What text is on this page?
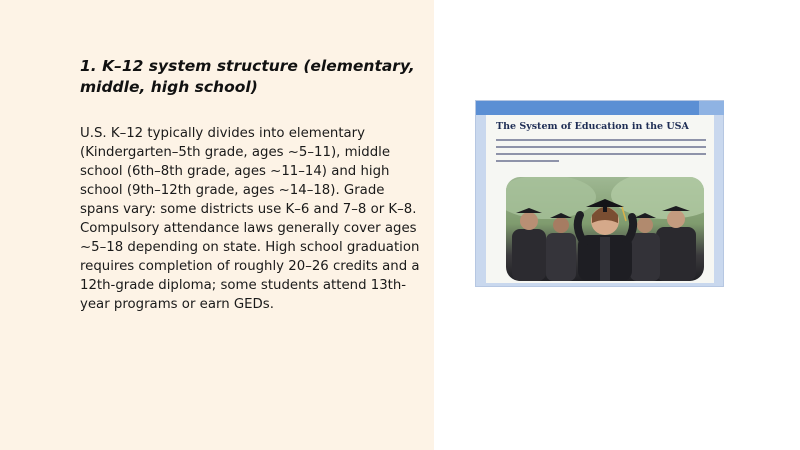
1. K–12 system structure (elementary, middle, high school)

U.S. K–12 typically divides into elementary (Kindergarten–5th grade, ages ~5–11), middle school (6th–8th grade, ages ~11–14) and high school (9th–12th grade, ages ~14–18). Grade spans vary: some districts use K–6 and 7–8 or K–8. Compulsory attendance laws generally cover ages ~5–18 depending on state. High school graduation requires completion of roughly 20–26 credits and a 12th-grade diploma; some students attend 13th-year programs or earn GEDs.

The System of Education in the USA
